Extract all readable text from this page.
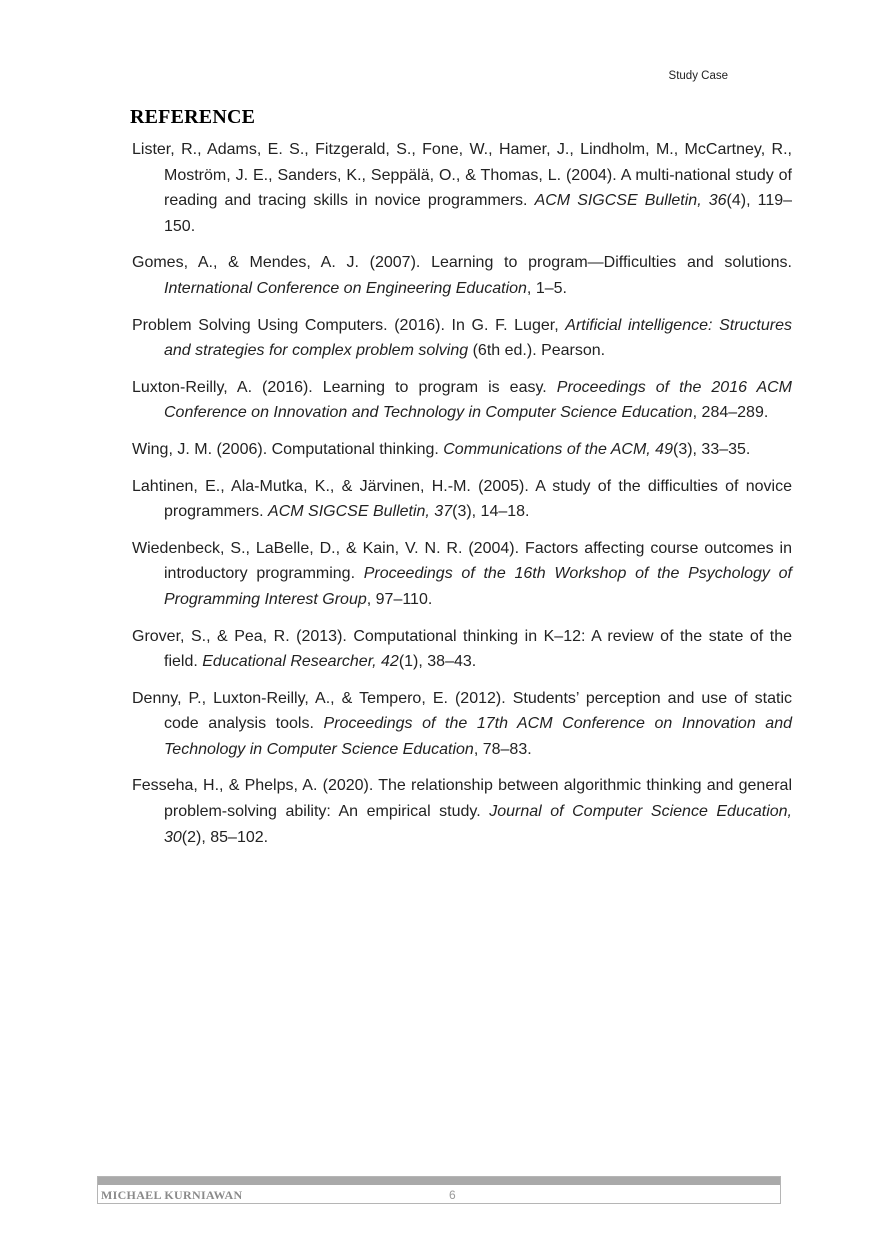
Study Case
REFERENCE

Lister, R., Adams, E. S., Fitzgerald, S., Fone, W., Hamer, J., Lindholm, M., McCartney, R., Moström, J. E., Sanders, K., Seppälä, O., & Thomas, L. (2004). A multi-national study of reading and tracing skills in novice programmers. ACM SIGCSE Bulletin, 36(4), 119–150.

Gomes, A., & Mendes, A. J. (2007). Learning to program—Difficulties and solutions. International Conference on Engineering Education, 1–5.

Problem Solving Using Computers. (2016). In G. F. Luger, Artificial intelligence: Structures and strategies for complex problem solving (6th ed.). Pearson.

Luxton-Reilly, A. (2016). Learning to program is easy. Proceedings of the 2016 ACM Conference on Innovation and Technology in Computer Science Education, 284–289.

Wing, J. M. (2006). Computational thinking. Communications of the ACM, 49(3), 33–35.

Lahtinen, E., Ala-Mutka, K., & Järvinen, H.-M. (2005). A study of the difficulties of novice programmers. ACM SIGCSE Bulletin, 37(3), 14–18.

Wiedenbeck, S., LaBelle, D., & Kain, V. N. R. (2004). Factors affecting course outcomes in introductory programming. Proceedings of the 16th Workshop of the Psychology of Programming Interest Group, 97–110.

Grover, S., & Pea, R. (2013). Computational thinking in K–12: A review of the state of the field. Educational Researcher, 42(1), 38–43.

Denny, P., Luxton-Reilly, A., & Tempero, E. (2012). Students’ perception and use of static code analysis tools. Proceedings of the 17th ACM Conference on Innovation and Technology in Computer Science Education, 78–83.

Fesseha, H., & Phelps, A. (2020). The relationship between algorithmic thinking and general problem-solving ability: An empirical study. Journal of Computer Science Education, 30(2), 85–102.

MICHAEL KURNIAWAN	6
